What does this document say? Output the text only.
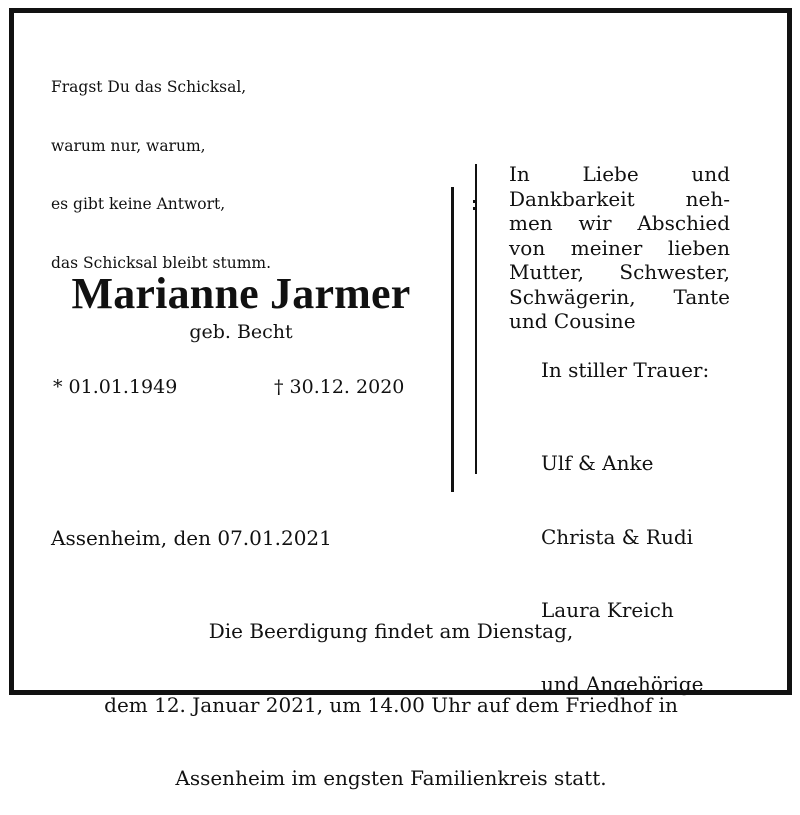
Fragst Du das Schicksal,

warum nur, warum,

es gibt keine Antwort,

das Schicksal bleibt stumm.

Marianne Jarmer
geb. Becht
* 01.01.1949	† 30.12. 2020
In Liebe und
Dankbarkeit neh-
men wir Abschied
von meiner lieben
Mutter, Schwester,
Schwägerin, Tante
und Cousine
In stiller Trauer:

Ulf & Anke

Christa & Rudi

Laura Kreich

und Angehörige

Assenheim, den 07.01.2021

Die Beerdigung findet am Dienstag,

dem 12. Januar 2021, um 14.00 Uhr auf dem Friedhof in

Assenheim im engsten Familienkreis statt.
